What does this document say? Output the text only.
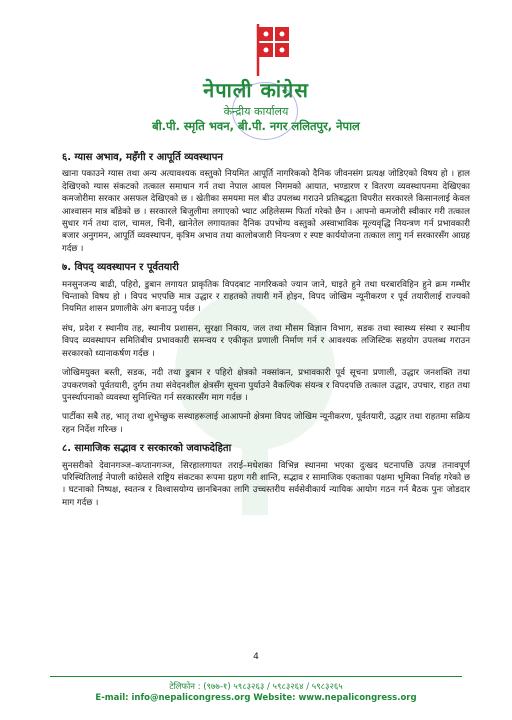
नेपाली कांग्रेस

केन्द्रीय कार्यालय
बी.पी. स्मृति भवन, बी.पी. नगर ललितपुर, नेपाल
६. ग्यास अभाव, महँगी र आपूर्ति व्यवस्थापन

खाना पकाउने ग्यास तथा अन्य अत्यावश्यक वस्तुको नियमित आपूर्ति नागरिकको दैनिक जीवनसंग प्रत्यक्ष जोडिएको विषय हो । हाल देखिएको ग्यास संकटको तत्काल समाधान गर्न तथा नेपाल आयल निगमको आयात, भण्डारण र वितरण व्यवस्थापनमा देखिएका कमजोरीमा सरकार असफल देखिएको छ । खेतीका समयमा मल बीउ उपलब्ध गराउने प्रतिबद्धता विपरीत सरकारले किसानलाई केवल आश्वासन मात्र बाँडेको छ । सरकारले बिजुलीमा लगाएको भ्याट अहिलेसम्म फिर्ता गरेको छैन । आफ्नो कमजोरी स्वीकार गरी तत्काल सुधार गर्न तथा दाल, चामल, चिनी, खानेतेल लगायतका दैनिक उपभोग्य वस्तुको अस्वाभाविक मूल्यवृद्धि नियन्त्रण गर्न प्रभावकारी बजार अनुगमन, आपूर्ति व्यवस्थापन, कृत्रिम अभाव तथा कालोबजारी नियन्त्रण र स्पष्ट कार्ययोजना तत्काल लागु गर्न सरकारसँग आग्रह गर्दछ ।

७. विपद् व्यवस्थापन र पूर्वतयारी

मनसुनजन्य बाढी, पहिरो, डुबान लगायत प्राकृतिक विपदबाट नागरिकको ज्यान जाने, घाइते हुने तथा घरबारविहिन हुने क्रम गम्भीर चिन्ताको विषय हो । विपद भएपछि मात्र उद्धार र राहतको तयारी गर्ने होइन, विपद जोखिम न्यूनीकरण र पूर्व तयारीलाई राज्यको नियमित शासन प्रणालीके अंग बनाउनु पर्दछ ।

संघ, प्रदेश र स्थानीय तह, स्थानीय प्रशासन, सुरक्षा निकाय, जल तथा मौसम विज्ञान विभाग, सडक तथा स्वास्थ्य संस्था र स्थानीय विपद व्यवस्थापन समितिबीच प्रभावकारी समन्वय र एकीकृत प्रणाली निर्माण गर्न र आवश्यक लजिस्टिक सहयोग उपलब्ध गराउन सरकारको ध्यानाकर्षण गर्दछ ।

जोखिमयुक्त बस्ती, सडक, नदी तथा डुबान र पहिरो क्षेत्रको नक्सांकन, प्रभावकारी पूर्व सूचना प्रणाली, उद्धार जनशक्ति तथा उपकरणको पूर्वतयारी, दुर्गम तथा संवेदनशील क्षेत्रसँग सूचना पुर्याउने वैकल्पिक संयन्त्र र विपदपछि तत्काल उद्धार, उपचार, राहत तथा पुनर्स्थापनाको व्यवस्था सुनिश्चित गर्न सरकारसँग माग गर्दछ ।

पार्टीका सबै तह, भातृ तथा शुभेच्छुक सस्थाहरूलाई आआफ्नो क्षेत्रमा विपद जोखिम न्यूनीकरण, पूर्वतयारी, उद्धार तथा राहतमा सक्रिय रहन निर्देश गरिन्छ ।

८. सामाजिक सद्भाव र सरकारको जवाफदेहिता

सुनसरीको देवानगञ्ज–कप्तानगञ्ज, सिरहालगायत तराई–मधेशका विभिन्न स्थानमा भएका दुःखद घटनापछि उत्पन्न तनावपूर्ण परिस्थितिलाई नेपाली कांग्रेसले राष्ट्रिय संकटका रूपमा ग्रहण गरी शान्ति, सद्भाव र सामाजिक एकताका पक्षमा भूमिका निर्वाह गरेको छ । घटनाको निष्पक्ष, स्वतन्त्र र विश्वासयोग्य छानबिनका लागि उच्चस्तरीय सर्वसेवीकार्य न्यायिक आयोग गठन गर्न बैठक पुनः जोडदार माग गर्दछ ।

4
टेलिफोन : (९७७-१) ५९८३२६३ / ५९८३२६४ / ५९८३२६५
E-mail: info@nepalicongress.org Website: www.nepalicongress.org
